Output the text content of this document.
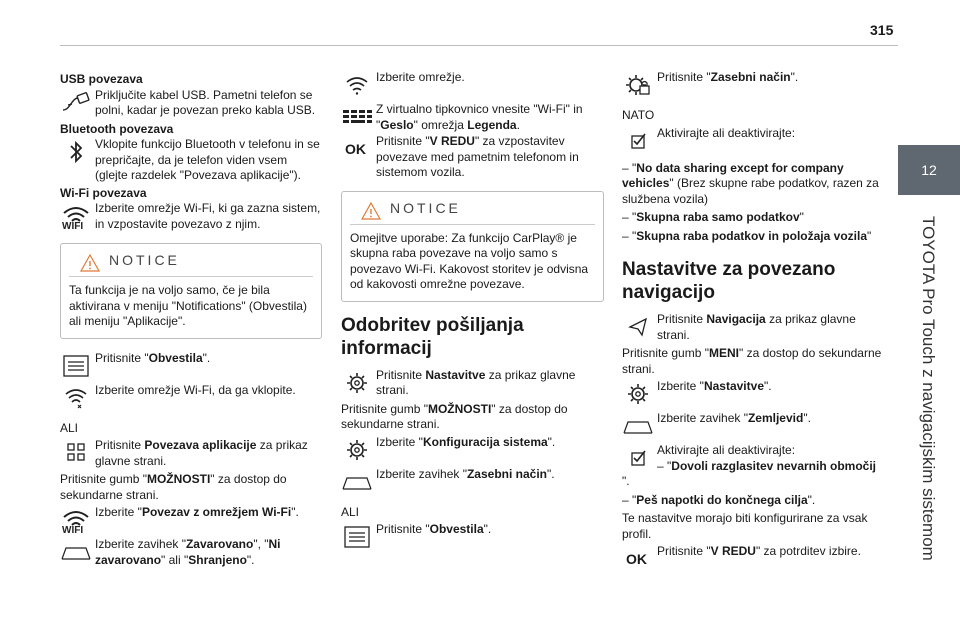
315
12
TOYOTA Pro Touch z navigacijskim sistemom
USB povezava
Priključite kabel USB. Pametni telefon se polni, kadar je povezan preko kabla USB.
Bluetooth povezava
Vklopite funkcijo Bluetooth v telefonu in se prepričajte, da je telefon viden vsem (glejte razdelek "Povezava aplikacije").
Wi-Fi povezava
WIFI
Izberite omrežje Wi-Fi, ki ga zazna sistem, in vzpostavite povezavo z njim.
NOTICE
Ta funkcija je na voljo samo, če je bila aktivirana v meniju "Notifications" (Obvestila) ali meniju "Aplikacije".
Pritisnite "Obvestila".
Izberite omrežje Wi-Fi, da ga vklopite.
ALI
Pritisnite Povezava aplikacije za prikaz glavne strani.
Pritisnite gumb "MOŽNOSTI" za dostop do sekundarne strani.
WIFI
Izberite "Povezav z omrežjem Wi-Fi".
Izberite zavihek "Zavarovano", "Ni zavarovano" ali "Shranjeno".
Izberite omrežje.
Z virtualno tipkovnico vnesite "Wi-Fi" in "Geslo" omrežja Legenda.
OK Pritisnite "V REDU" za vzpostavitev povezave med pametnim telefonom in sistemom vozila.
NOTICE
Omejitve uporabe: Za funkcijo CarPlay® je skupna raba povezave na voljo samo s povezavo Wi-Fi. Kakovost storitev je odvisna od kakovosti omrežne povezave.
Odobritev pošiljanja informacij
Pritisnite Nastavitve za prikaz glavne strani.
Pritisnite gumb "MOŽNOSTI" za dostop do sekundarne strani.
Izberite "Konfiguracija sistema".
Izberite zavihek "Zasebni način".
ALI
Pritisnite "Obvestila".
Pritisnite "Zasebni način".
NATO
Aktivirajte ali deaktivirajte:
– "No data sharing except for company vehicles" (Brez skupne rabe podatkov, razen za službena vozila)
– "Skupna raba samo podatkov"
– "Skupna raba podatkov in položaja vozila"
Nastavitve za povezano navigacijo
Pritisnite Navigacija za prikaz glavne strani.
Pritisnite gumb "MENI" za dostop do sekundarne strani.
Izberite "Nastavitve".
Izberite zavihek "Zemljevid".
Aktivirajte ali deaktivirajte:
– "Dovoli razglasitev nevarnih območij
".
– "Peš napotki do končnega cilja".
Te nastavitve morajo biti konfigurirane za vsak profil.
OK Pritisnite "V REDU" za potrditev izbire.
